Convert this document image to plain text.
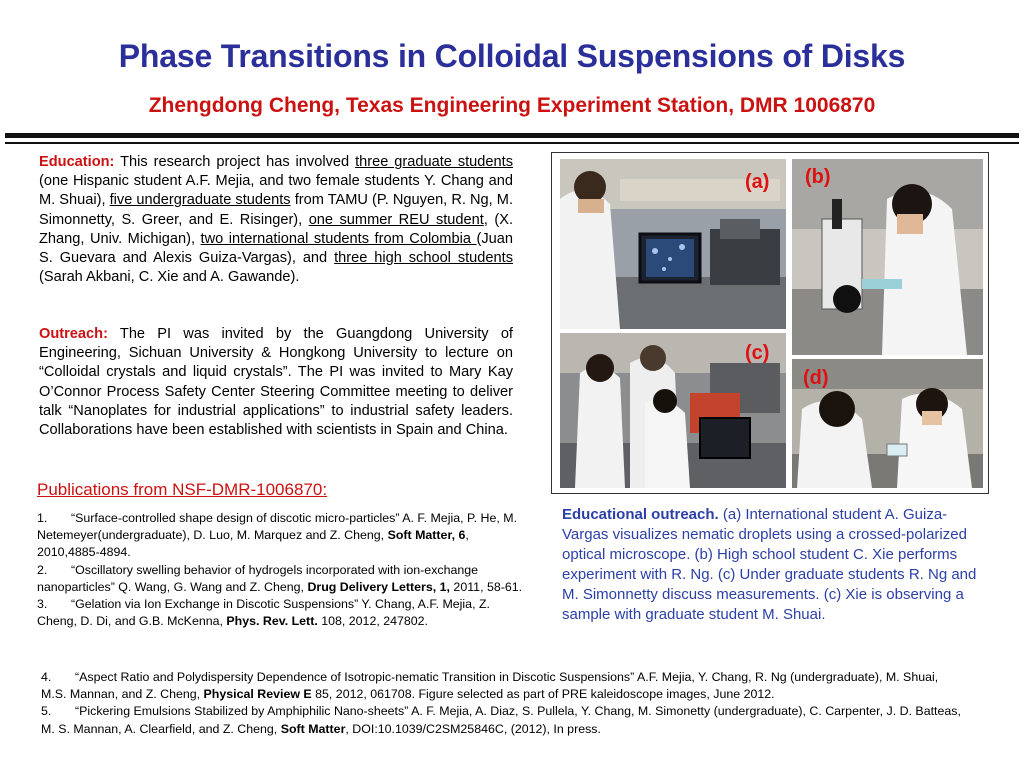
Phase Transitions in Colloidal Suspensions of Disks
Zhengdong Cheng, Texas Engineering Experiment Station, DMR 1006870

Education: This research project has involved three graduate students (one Hispanic student A.F. Mejia, and two female students Y. Chang and M. Shuai), five undergraduate students from TAMU (P. Nguyen, R. Ng, M. Simonnetty, S. Greer, and E. Risinger), one summer REU student, (X. Zhang, Univ. Michigan), two international students from Colombia (Juan S. Guevara and Alexis Guiza-Vargas), and three high school students (Sarah Akbani, C. Xie and A. Gawande).

Outreach: The PI was invited by the Guangdong University of Engineering, Sichuan University & Hongkong University to lecture on “Colloidal crystals and liquid crystals”. The PI was invited to Mary Kay O’Connor Process Safety Center Steering Committee meeting to deliver talk “Nanoplates for industrial applications” to industrial safety leaders. Collaborations have been established with scientists in Spain and China.

Publications from NSF-DMR-1006870:

1. “Surface-controlled shape design of discotic micro-particles” A. F. Mejia, P. He, M. Netemeyer(undergraduate), D. Luo, M. Marquez and Z. Cheng, Soft Matter, 6, 2010,4885-4894.

2. “Oscillatory swelling behavior of hydrogels incorporated with ion-exchange nanoparticles” Q. Wang, G. Wang and Z. Cheng, Drug Delivery Letters, 1, 2011, 58-61.

3. “Gelation via Ion Exchange in Discotic Suspensions” Y. Chang, A.F. Mejia, Z. Cheng, D. Di, and G.B. McKenna, Phys. Rev. Lett. 108, 2012, 247802.

4. “Aspect Ratio and Polydispersity Dependence of Isotropic-nematic Transition in Discotic Suspensions” A.F. Mejia, Y. Chang, R. Ng (undergraduate), M. Shuai, M.S. Mannan, and Z. Cheng, Physical Review E 85, 2012, 061708. Figure selected as part of PRE kaleidoscope images, June 2012.

5. “Pickering Emulsions Stabilized by Amphiphilic Nano-sheets” A. F. Mejia, A. Diaz, S. Pullela, Y. Chang, M. Simonetty (undergraduate), C. Carpenter, J. D. Batteas, M. S. Mannan, A. Clearfield, and Z. Cheng, Soft Matter, DOI:10.1039/C2SM25846C, (2012), In press.

(a) (b)
(c)
(d)
Educational outreach. (a) International student A. Guiza-Vargas visualizes nematic droplets using a crossed-polarized optical microscope. (b) High school student C. Xie performs experiment with R. Ng. (c) Under graduate students R. Ng and M. Simonnetty discuss measurements. (c) Xie is observing a sample with graduate student M. Shuai.
